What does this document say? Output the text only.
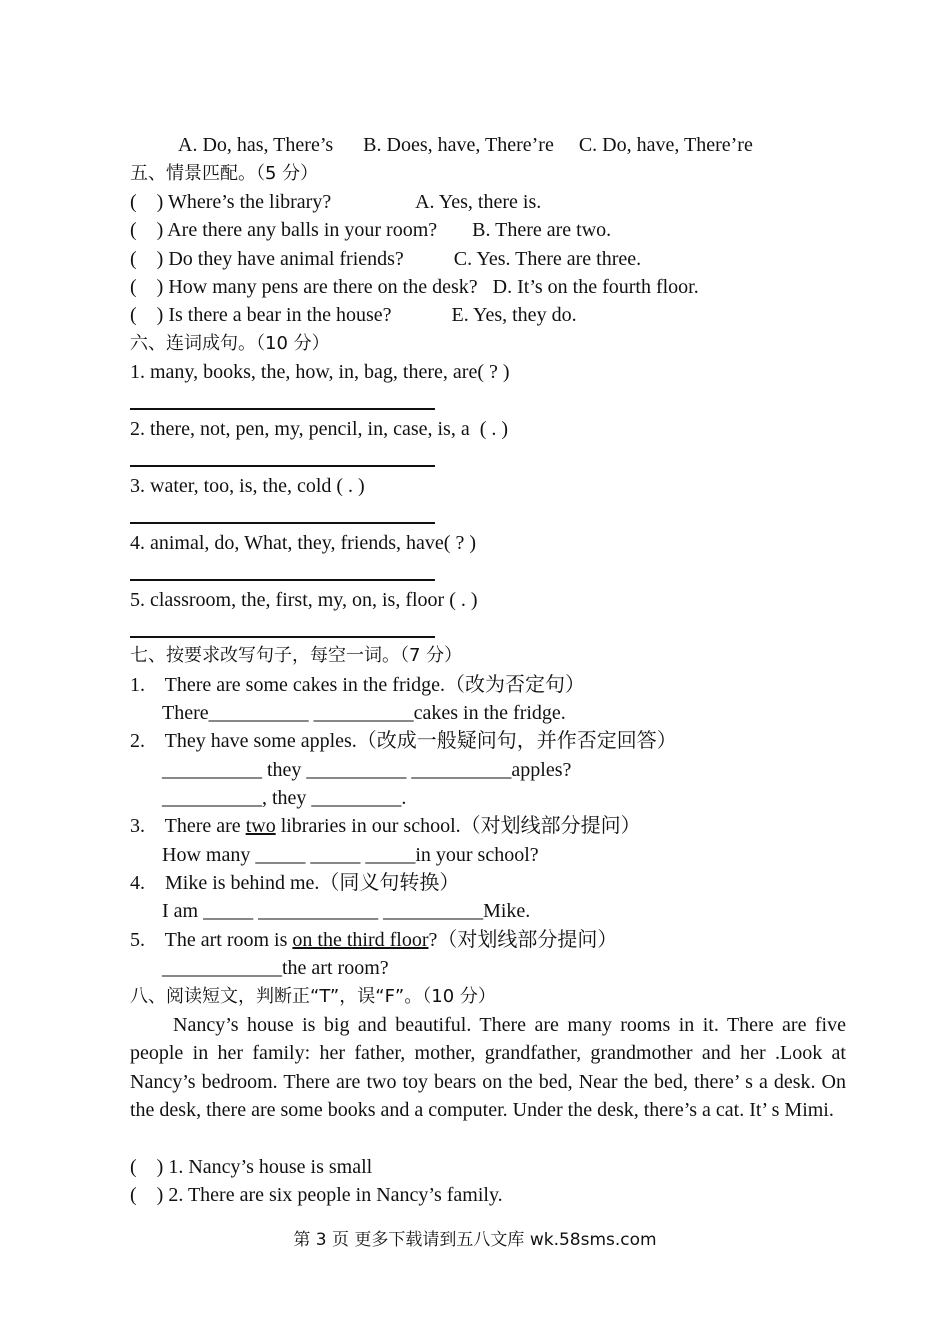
A. Do, has, There’s      B. Does, have, There’re     C. Do, have, There’re
五、情景匹配。（5 分）
(    ) Where’s the library?                 A. Yes, there is.
(    ) Are there any balls in your room?       B. There are two.
(    ) Do they have animal friends?          C. Yes. There are three.
(    ) How many pens are there on the desk?   D. It’s on the fourth floor.
(    ) Is there a bear in the house?            E. Yes, they do.
六、连词成句。（10 分）
1. many, books, the, how, in, bag, there, are( ? )
2. there, not, pen, my, pencil, in, case, is, a  ( . )
3. water, too, is, the, cold ( . )
4. animal, do, What, they, friends, have( ? )
5. classroom, the, first, my, on, is, floor ( . )
七、按要求改写句子，每空一词。（7 分）
1.    There are some cakes in the fridge.（改为否定句）
There__________ __________cakes in the fridge.
2.    They have some apples.（改成一般疑问句，并作否定回答）
__________ they __________ __________apples?
__________, they _________.
3.    There are two libraries in our school.（对划线部分提问）
How many _____ _____ _____in your school?
4.    Mike is behind me.（同义句转换）
I am _____ ____________ __________Mike.
5.    The art room is on the third floor?（对划线部分提问）
____________the art room?
八、阅读短文，判断正“T”，误“F”。（10 分）

Nancy’s house is big and beautiful. There are many rooms in it. There are five people in her family: her father, mother, grandfather, grandmother and her .Look at Nancy’s bedroom. There are two toy bears on the bed, Near the bed, there’ s a desk. On the desk, there are some books and a computer. Under the desk, there’s a cat. It’ s Mimi.

(    ) 1. Nancy’s house is small
(    ) 2. There are six people in Nancy’s family.
第 3 页 更多下载请到五八文库 wk.58sms.com
